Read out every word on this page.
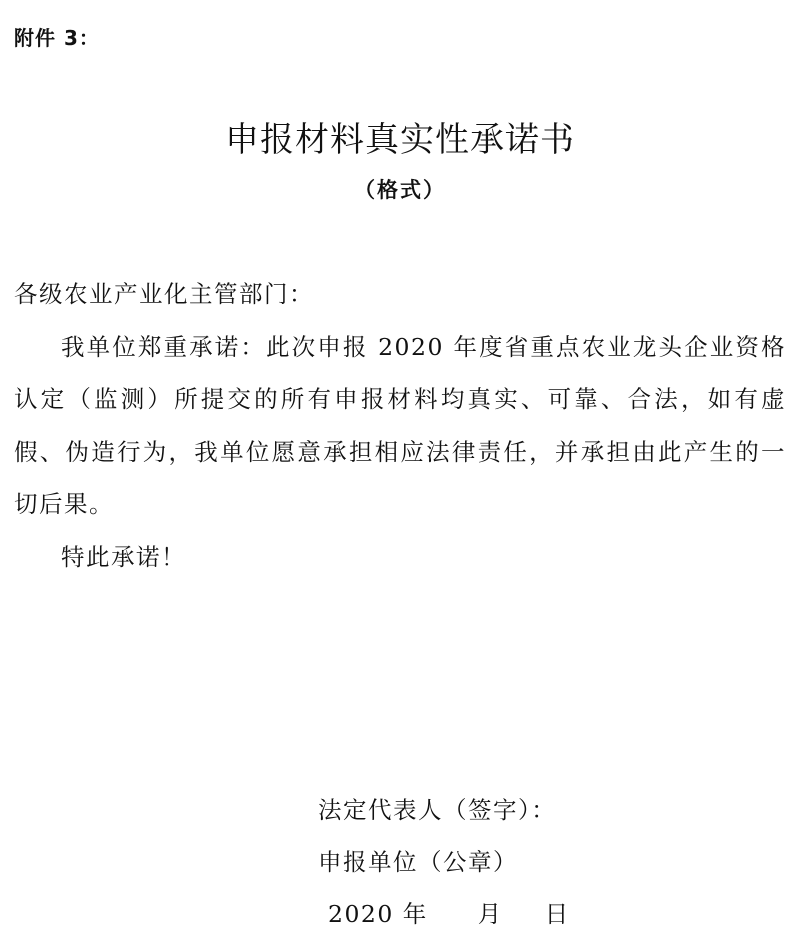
附件 3：
申报材料真实性承诺书
（格式）

各级农业产业化主管部门：

我单位郑重承诺：此次申报 2020 年度省重点农业龙头企业资格认定（监测）所提交的所有申报材料均真实、可靠、合法，如有虚假、伪造行为，我单位愿意承担相应法律责任，并承担由此产生的一切后果。

特此承诺！

法定代表人（签字）：
申报单位（公章）
2020 年 月 日
